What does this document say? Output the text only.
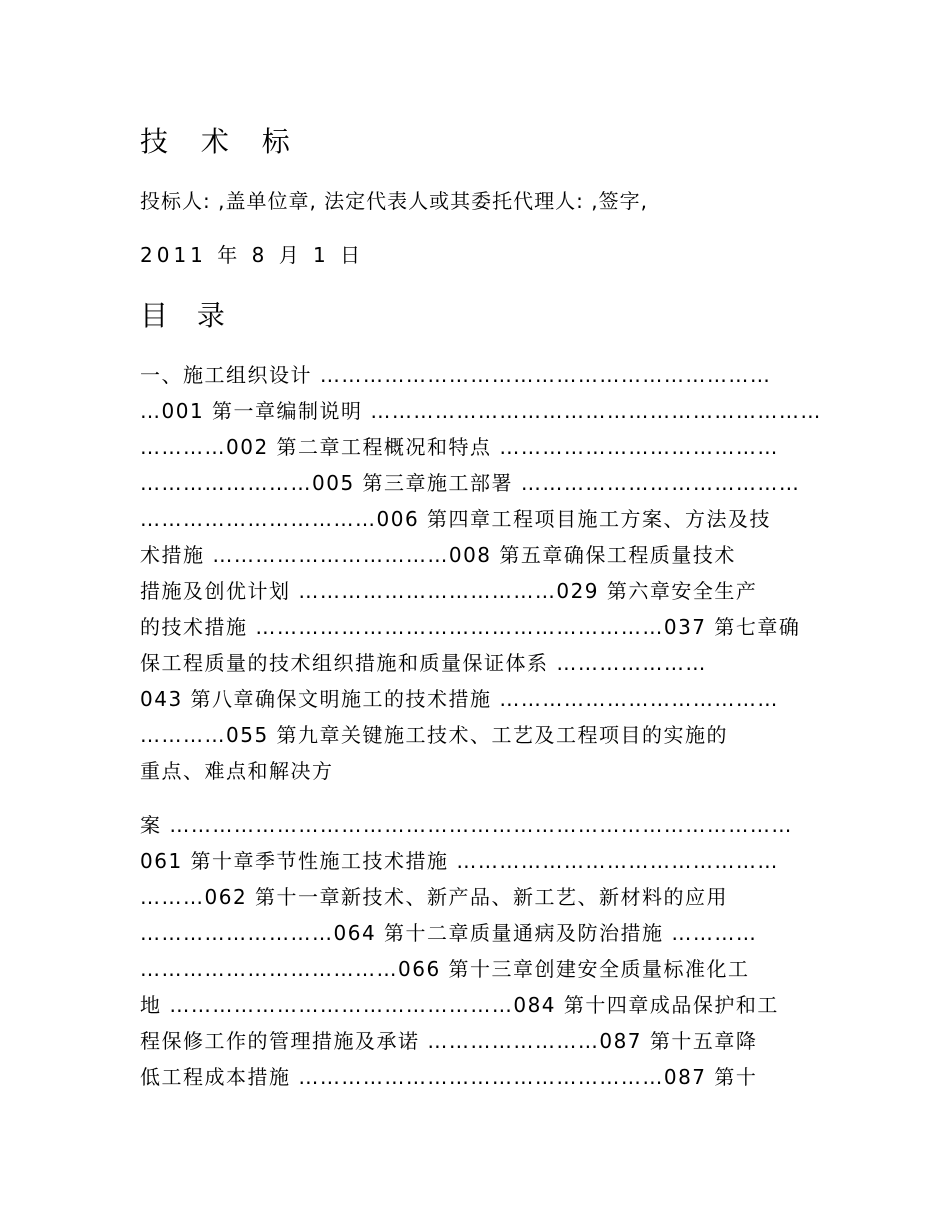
技 术 标
投标人: ,盖单位章, 法定代表人或其委托代理人: ,签字,
2011 年 8 月 1 日
目 录
一、施工组织设计 ………………………………………………………
…001 第一章编制说明 ………………………………………………………
…………002 第二章工程概况和特点 …………………………………
……………………005 第三章施工部署 …………………………………
……………………………006 第四章工程项目施工方案、方法及技
术措施 ……………………………008 第五章确保工程质量技术
措施及创优计划 ………………………………029 第六章安全生产
的技术措施 …………………………………………………037 第七章确
保工程质量的技术组织措施和质量保证体系 …………………
043 第八章确保文明施工的技术措施 …………………………………
…………055 第九章关键施工技术、工艺及工程项目的实施的
重点、难点和解决方
案 ……………………………………………………………………………
061 第十章季节性施工技术措施 ………………………………………
………062 第十一章新技术、新产品、新工艺、新材料的应用
………………………064 第十二章质量通病及防治措施 …………
………………………………066 第十三章创建安全质量标准化工
地 …………………………………………084 第十四章成品保护和工
程保修工作的管理措施及承诺 ……………………087 第十五章降
低工程成本措施 ……………………………………………087 第十
